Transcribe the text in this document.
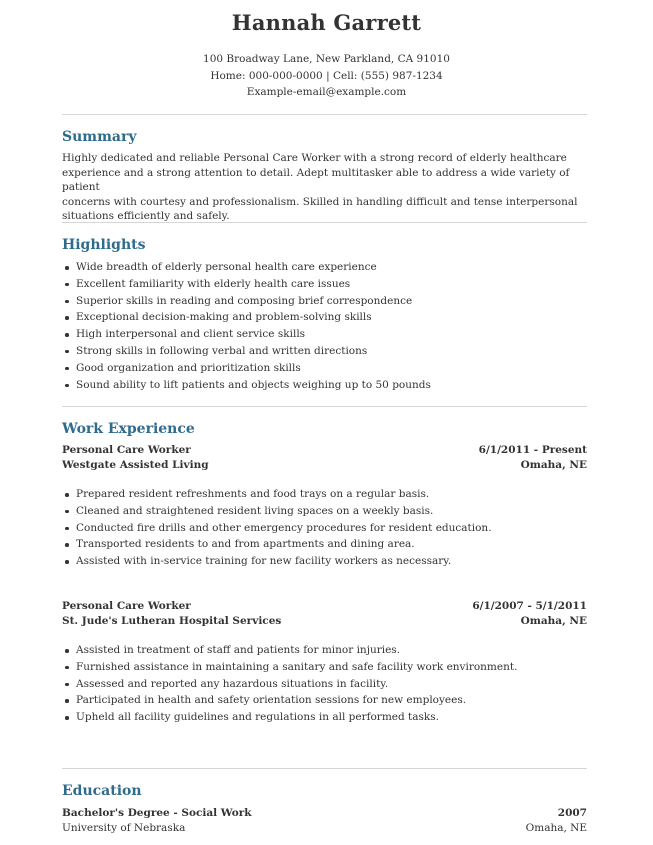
Hannah Garrett
100 Broadway Lane, New Parkland, CA 91010
Home: 000-000-0000 | Cell: (555) 987-1234
Example-email@example.com
Summary
Highly dedicated and reliable Personal Care Worker with a strong record of elderly healthcare
experience and a strong attention to detail. Adept multitasker able to address a wide variety of patient
concerns with courtesy and professionalism. Skilled in handling difficult and tense interpersonal
situations efficiently and safely.
Highlights
Wide breadth of elderly personal health care experience
Excellent familiarity with elderly health care issues
Superior skills in reading and composing brief correspondence
Exceptional decision-making and problem-solving skills
High interpersonal and client service skills
Strong skills in following verbal and written directions
Good organization and prioritization skills
Sound ability to lift patients and objects weighing up to 50 pounds
Work Experience
Personal Care Worker	6/1/2011 - Present
Westgate Assisted Living	Omaha, NE
Prepared resident refreshments and food trays on a regular basis.
Cleaned and straightened resident living spaces on a weekly basis.
Conducted fire drills and other emergency procedures for resident education.
Transported residents to and from apartments and dining area.
Assisted with in-service training for new facility workers as necessary.
Personal Care Worker	6/1/2007 - 5/1/2011
St. Jude's Lutheran Hospital Services	Omaha, NE
Assisted in treatment of staff and patients for minor injuries.
Furnished assistance in maintaining a sanitary and safe facility work environment.
Assessed and reported any hazardous situations in facility.
Participated in health and safety orientation sessions for new employees.
Upheld all facility guidelines and regulations in all performed tasks.
Education
Bachelor's Degree - Social Work	2007
University of Nebraska	Omaha, NE
